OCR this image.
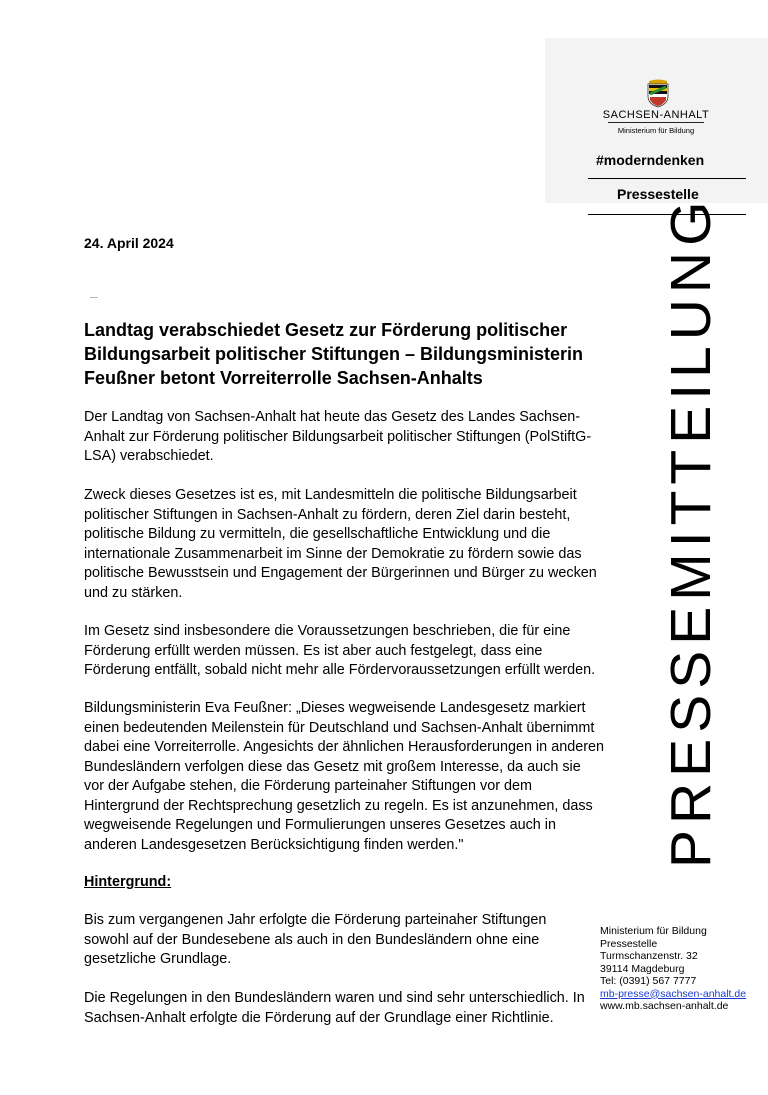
SACHSEN-ANHALT
Ministerium für Bildung
#moderndenken
Pressestelle
PRESSEMITTEILUNG
24. April 2024
Landtag verabschiedet Gesetz zur Förderung politischer Bildungsarbeit politischer Stiftungen – Bildungsministerin Feußner betont Vorreiterrolle Sachsen-Anhalts

Der Landtag von Sachsen-Anhalt hat heute das Gesetz des Landes Sachsen-Anhalt zur Förderung politischer Bildungsarbeit politischer Stiftungen (PolStiftG-LSA) verabschiedet.

Zweck dieses Gesetzes ist es, mit Landesmitteln die politische Bildungsarbeit politischer Stiftungen in Sachsen-Anhalt zu fördern, deren Ziel darin besteht, politische Bildung zu vermitteln, die gesellschaftliche Entwicklung und die internationale Zusammenarbeit im Sinne der Demokratie zu fördern sowie das politische Bewusstsein und Engagement der Bürgerinnen und Bürger zu wecken und zu stärken.

Im Gesetz sind insbesondere die Voraussetzungen beschrieben, die für eine Förderung erfüllt werden müssen. Es ist aber auch festgelegt, dass eine Förderung entfällt, sobald nicht mehr alle Fördervoraussetzungen erfüllt werden.

Bildungsministerin Eva Feußner: „Dieses wegweisende Landesgesetz markiert einen bedeutenden Meilenstein für Deutschland und Sachsen-Anhalt übernimmt dabei eine Vorreiterrolle. Angesichts der ähnlichen Herausforderungen in anderen Bundesländern verfolgen diese das Gesetz mit großem Interesse, da auch sie vor der Aufgabe stehen, die Förderung parteinaher Stiftungen vor dem Hintergrund der Rechtsprechung gesetzlich zu regeln. Es ist anzunehmen, dass wegweisende Regelungen und Formulierungen unseres Gesetzes auch in anderen Landesgesetzen Berücksichtigung finden werden."

Hintergrund:

Bis zum vergangenen Jahr erfolgte die Förderung parteinaher Stiftungen sowohl auf der Bundesebene als auch in den Bundesländern ohne eine gesetzliche Grundlage.

Die Regelungen in den Bundesländern waren und sind sehr unterschiedlich. In Sachsen-Anhalt erfolgte die Förderung auf der Grundlage einer Richtlinie.

Ministerium für Bildung
Pressestelle
Turmschanzenstr. 32
39114 Magdeburg
Tel: (0391) 567 7777
mb-presse@sachsen-anhalt.de
www.mb.sachsen-anhalt.de
